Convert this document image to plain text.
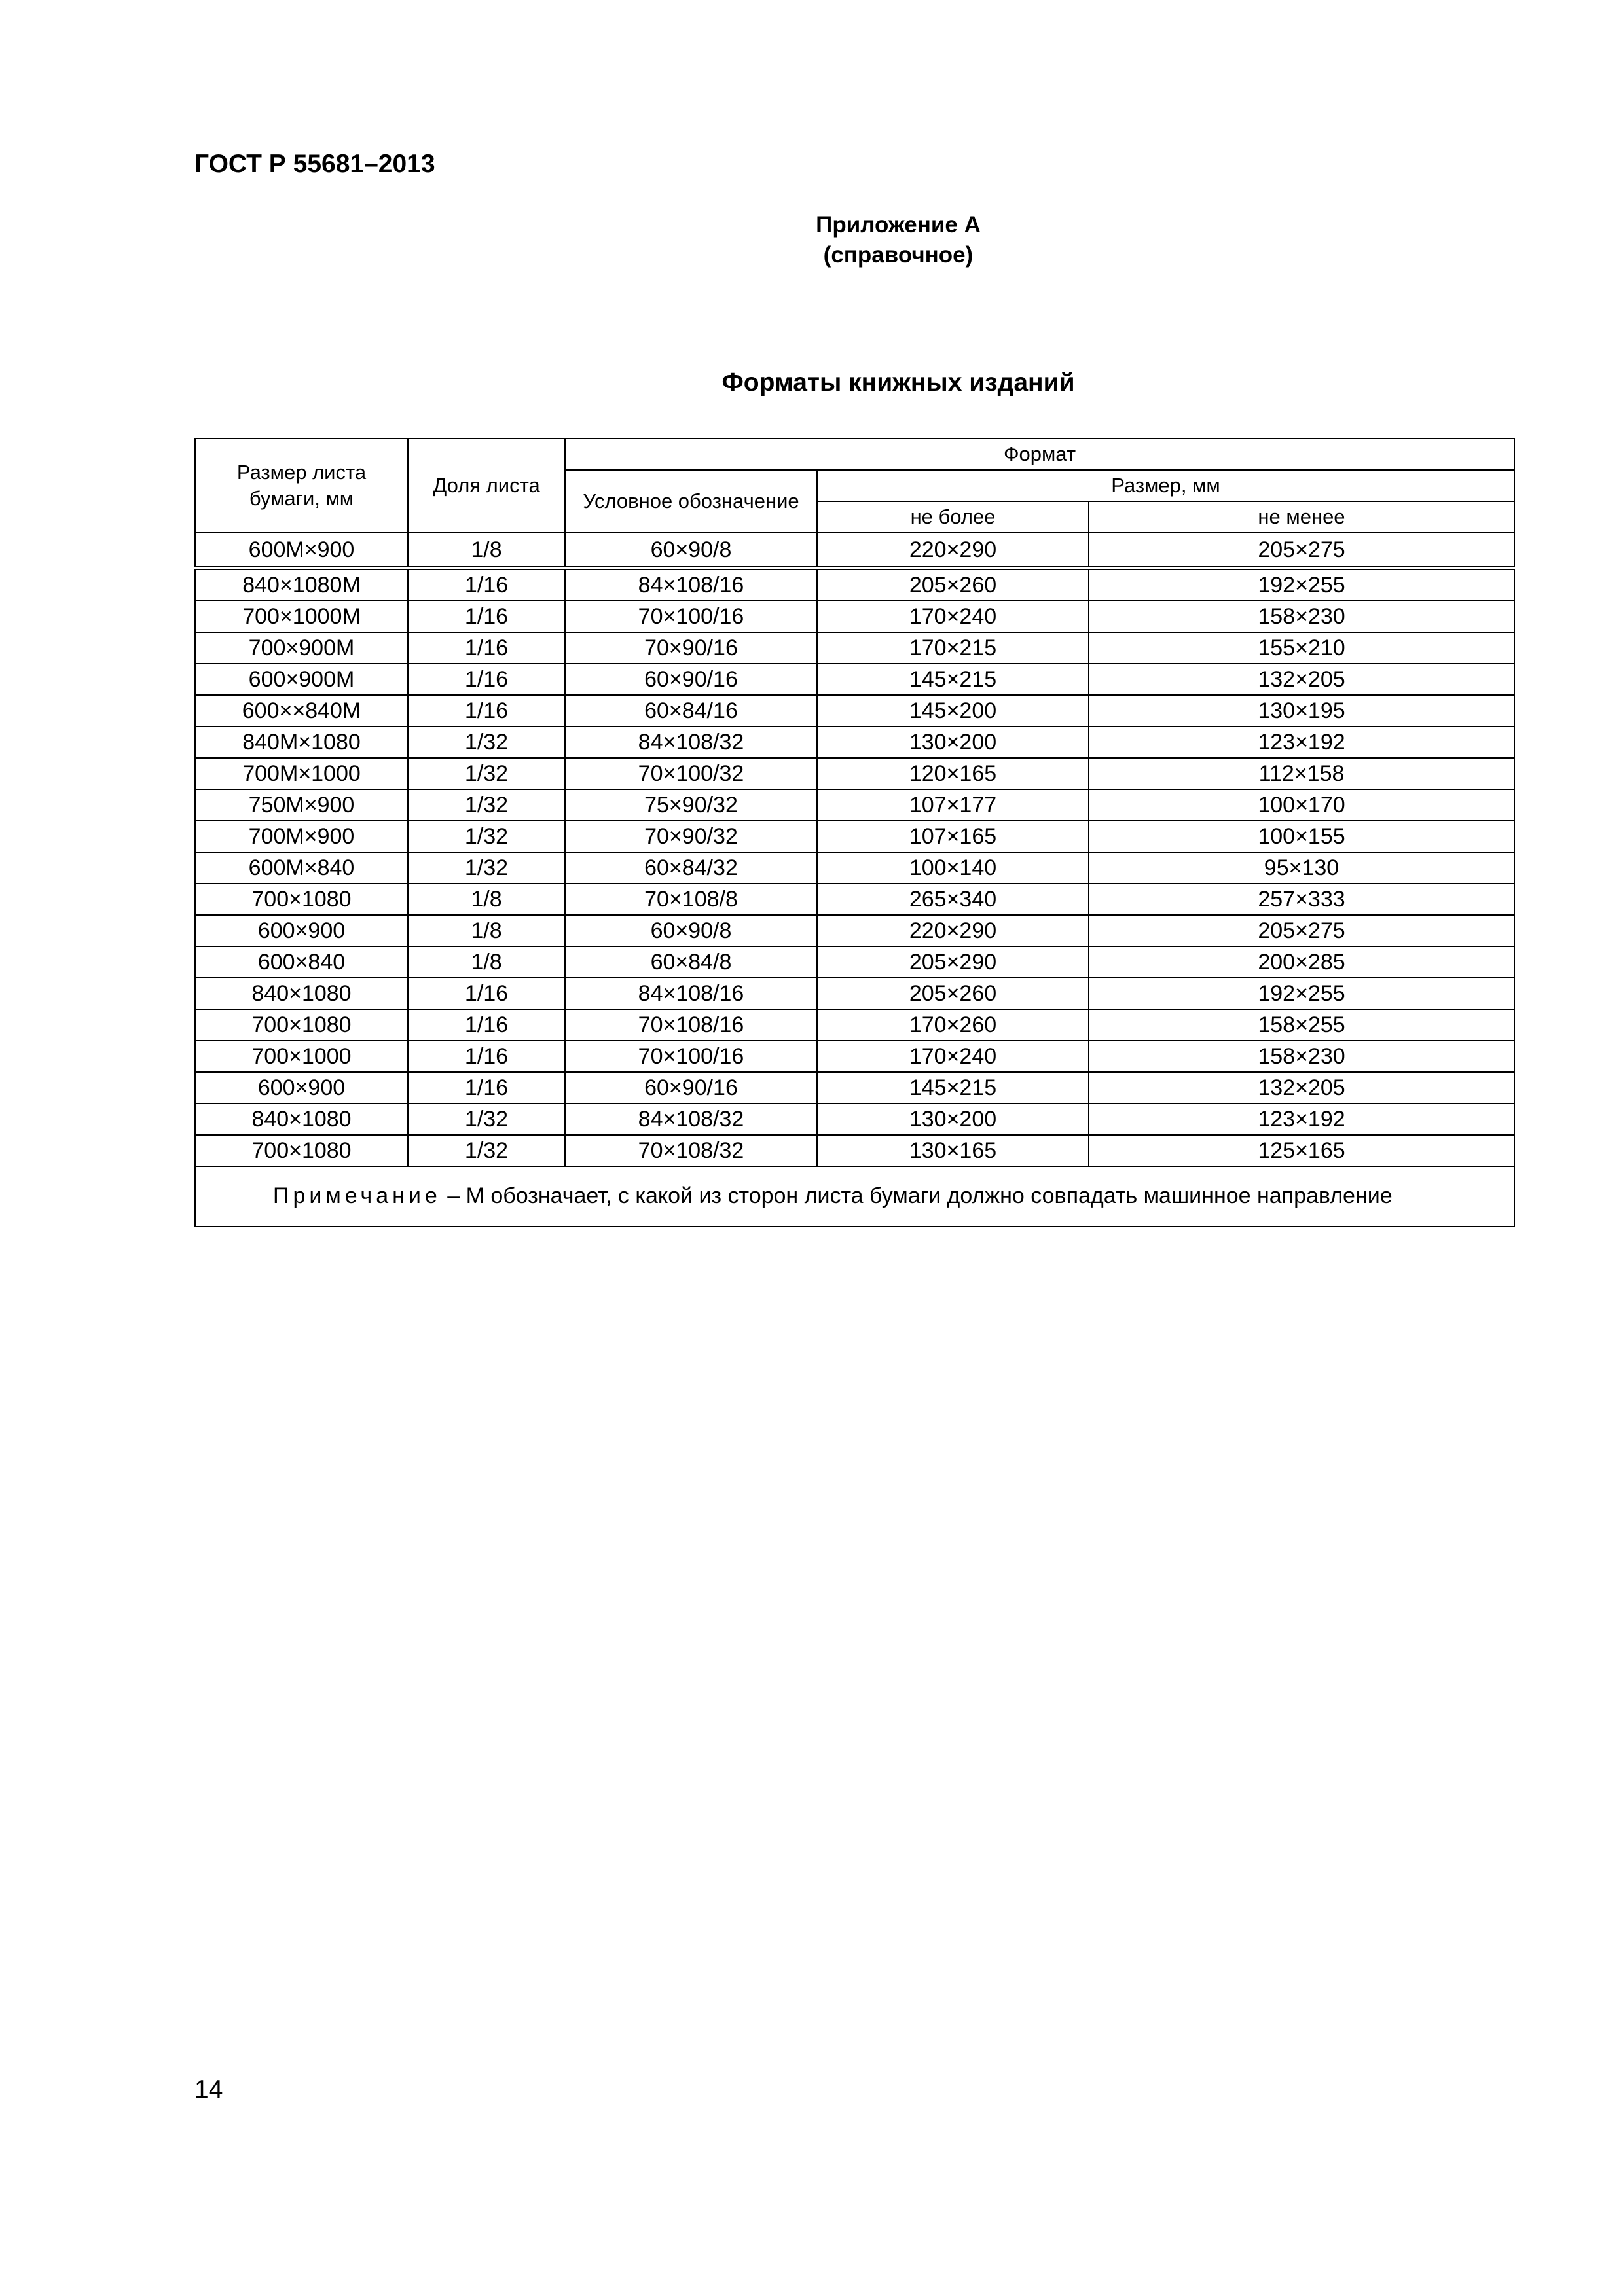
ГОСТ Р 55681–2013
Приложение А
(справочное)
Форматы книжных изданий
Размер листа бумаги, мм	Доля листа	Формат		
		Условное обозначение	Размер, мм	
			не более	не менее
600М×900	1/8	60×90/8	220×290	205×275
840×1080М	1/16	84×108/16	205×260	192×255
700×1000М	1/16	70×100/16	170×240	158×230
700×900М	1/16	70×90/16	170×215	155×210
600×900М	1/16	60×90/16	145×215	132×205
600××840М	1/16	60×84/16	145×200	130×195
840М×1080	1/32	84×108/32	130×200	123×192
700М×1000	1/32	70×100/32	120×165	112×158
750М×900	1/32	75×90/32	107×177	100×170
700М×900	1/32	70×90/32	107×165	100×155
600М×840	1/32	60×84/32	100×140	95×130
700×1080	1/8	70×108/8	265×340	257×333
600×900	1/8	60×90/8	220×290	205×275
600×840	1/8	60×84/8	205×290	200×285
840×1080	1/16	84×108/16	205×260	192×255
700×1080	1/16	70×108/16	170×260	158×255
700×1000	1/16	70×100/16	170×240	158×230
600×900	1/16	60×90/16	145×215	132×205
840×1080	1/32	84×108/32	130×200	123×192
700×1080	1/32	70×108/32	130×165	125×165
Примечание – М обозначает, с какой из сторон листа бумаги должно совпадать машинное направление				
14
